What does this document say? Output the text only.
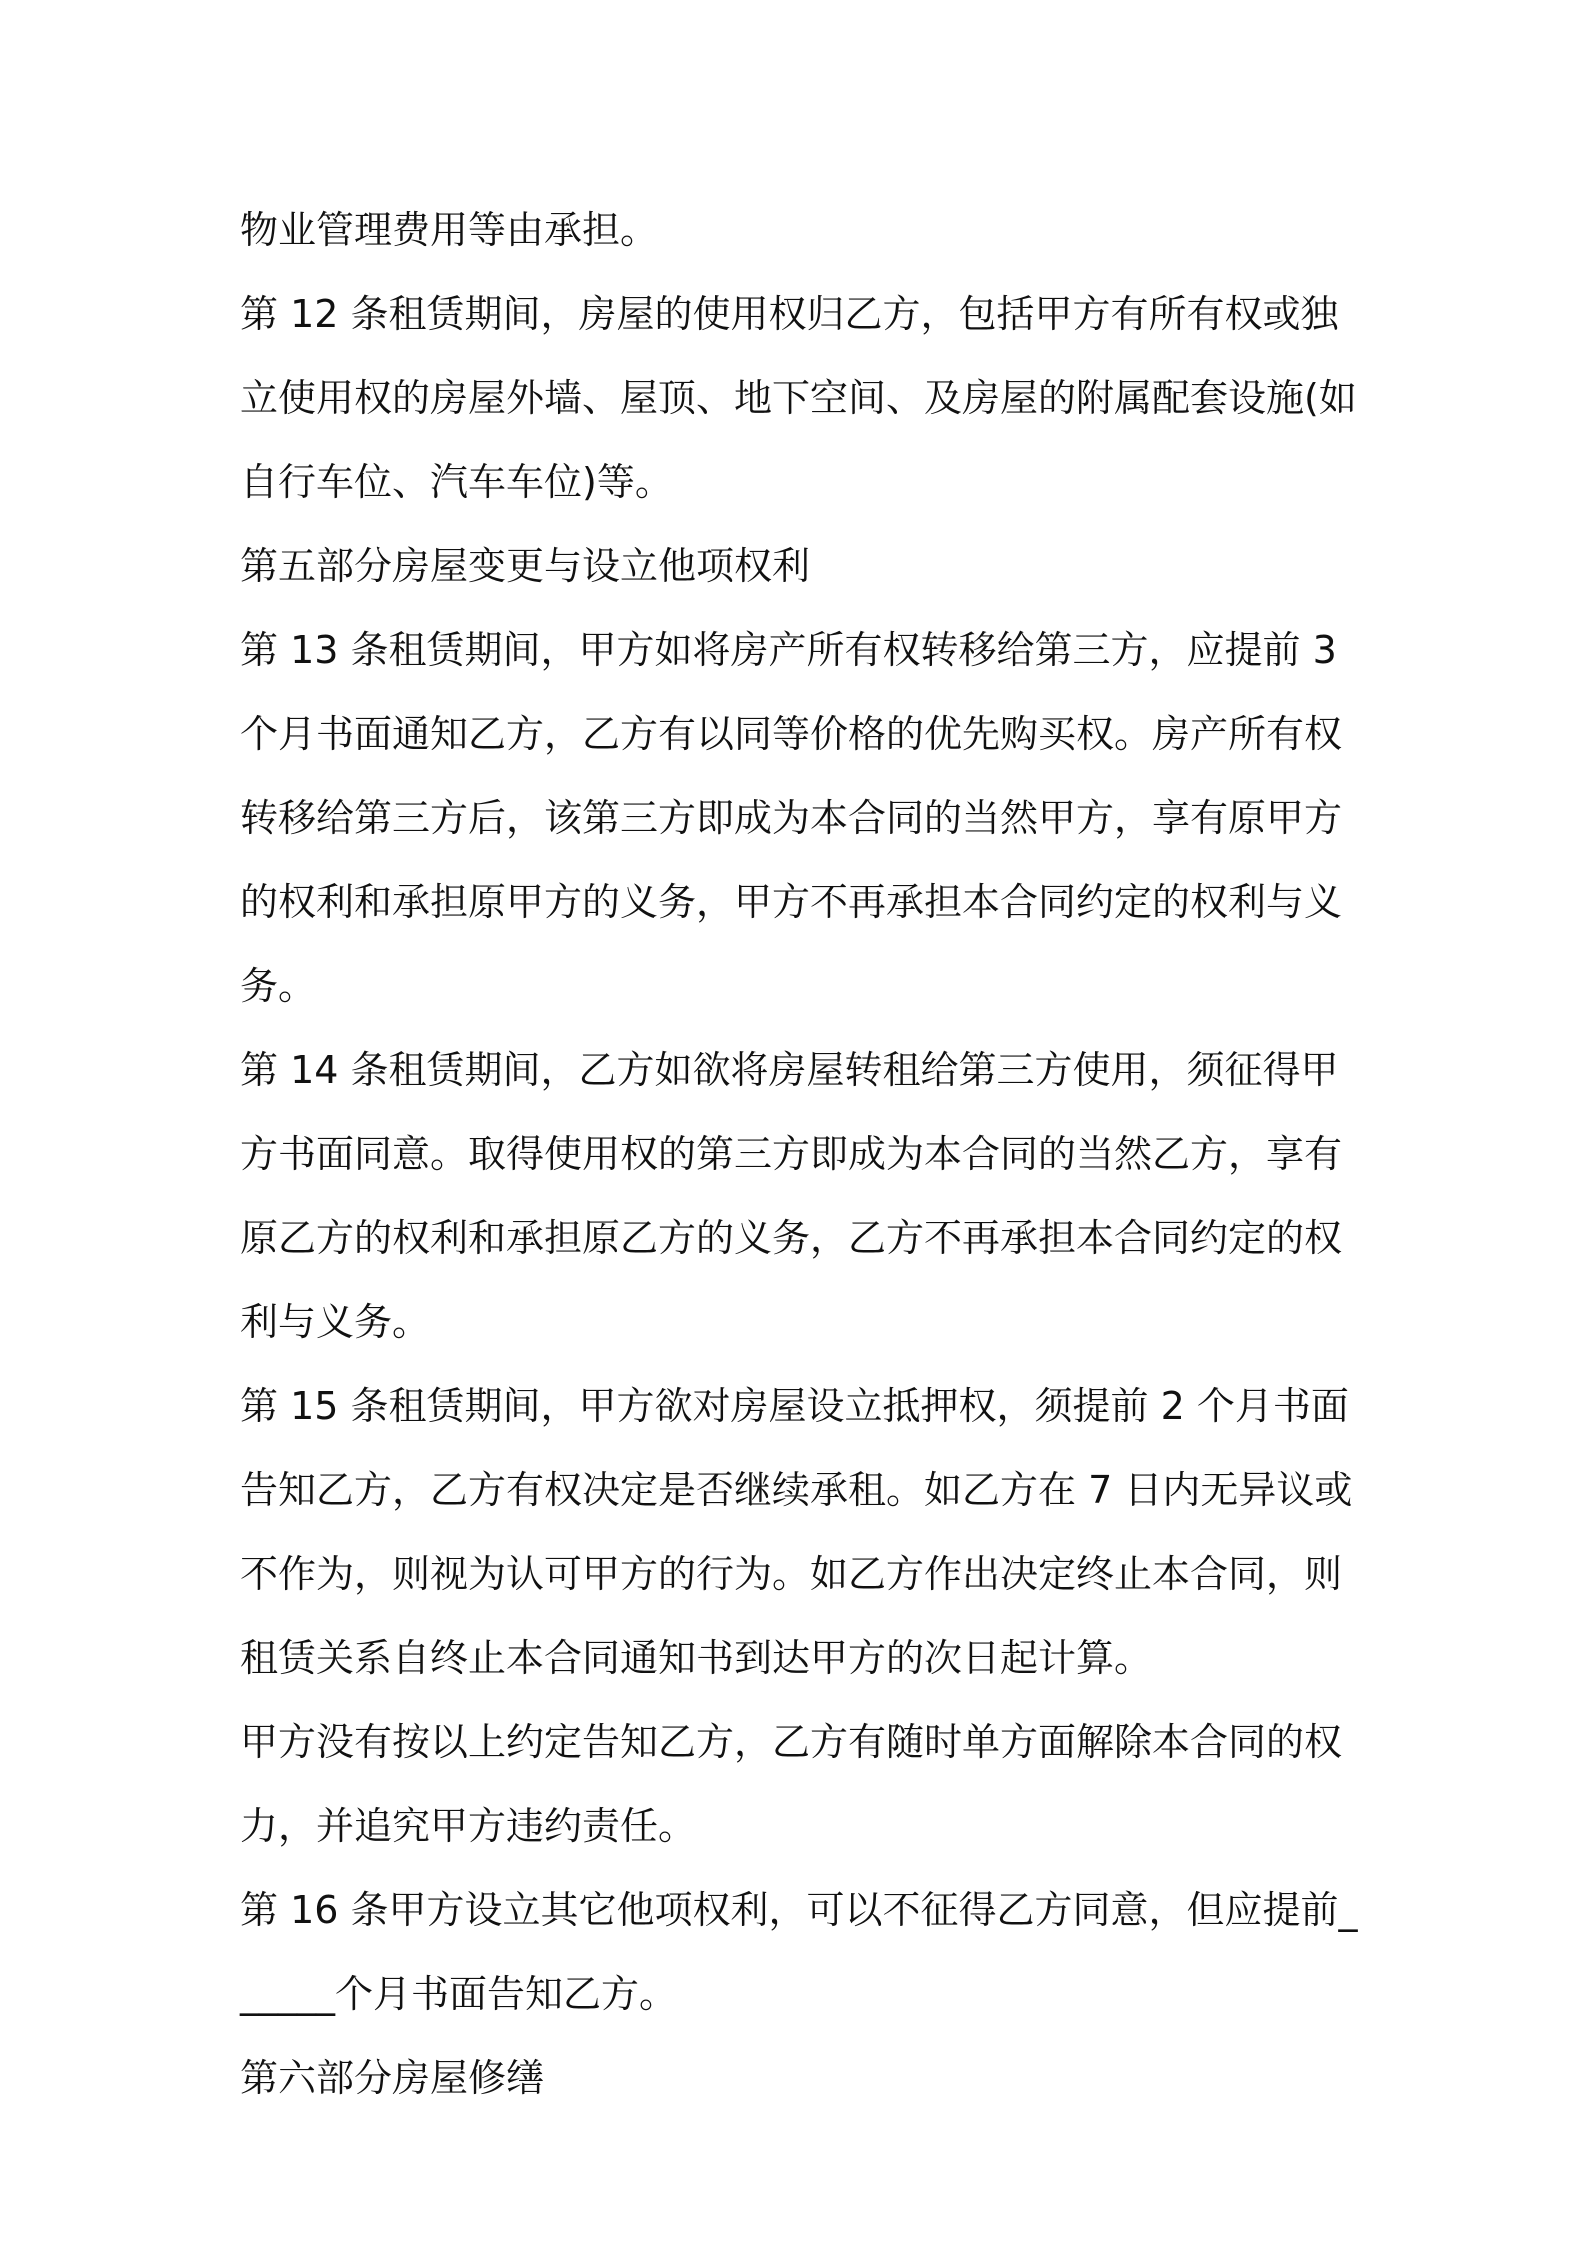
物业管理费用等由承担。

第 12 条租赁期间，房屋的使用权归乙方，包括甲方有所有权或独立使用权的房屋外墙、屋顶、地下空间、及房屋的附属配套设施(如自行车位、汽车车位)等。

第五部分房屋变更与设立他项权利

第 13 条租赁期间，甲方如将房产所有权转移给第三方，应提前 3 个月书面通知乙方，乙方有以同等价格的优先购买权。房产所有权转移给第三方后，该第三方即成为本合同的当然甲方，享有原甲方的权利和承担原甲方的义务，甲方不再承担本合同约定的权利与义务。

第 14 条租赁期间，乙方如欲将房屋转租给第三方使用，须征得甲方书面同意。取得使用权的第三方即成为本合同的当然乙方，享有原乙方的权利和承担原乙方的义务，乙方不再承担本合同约定的权利与义务。

第 15 条租赁期间，甲方欲对房屋设立抵押权，须提前 2 个月书面告知乙方，乙方有权决定是否继续承租。如乙方在 7 日内无异议或不作为，则视为认可甲方的行为。如乙方作出决定终止本合同，则租赁关系自终止本合同通知书到达甲方的次日起计算。

甲方没有按以上约定告知乙方，乙方有随时单方面解除本合同的权力，并追究甲方违约责任。

第 16 条甲方设立其它他项权利，可以不征得乙方同意，但应提前______个月书面告知乙方。

第六部分房屋修缮
